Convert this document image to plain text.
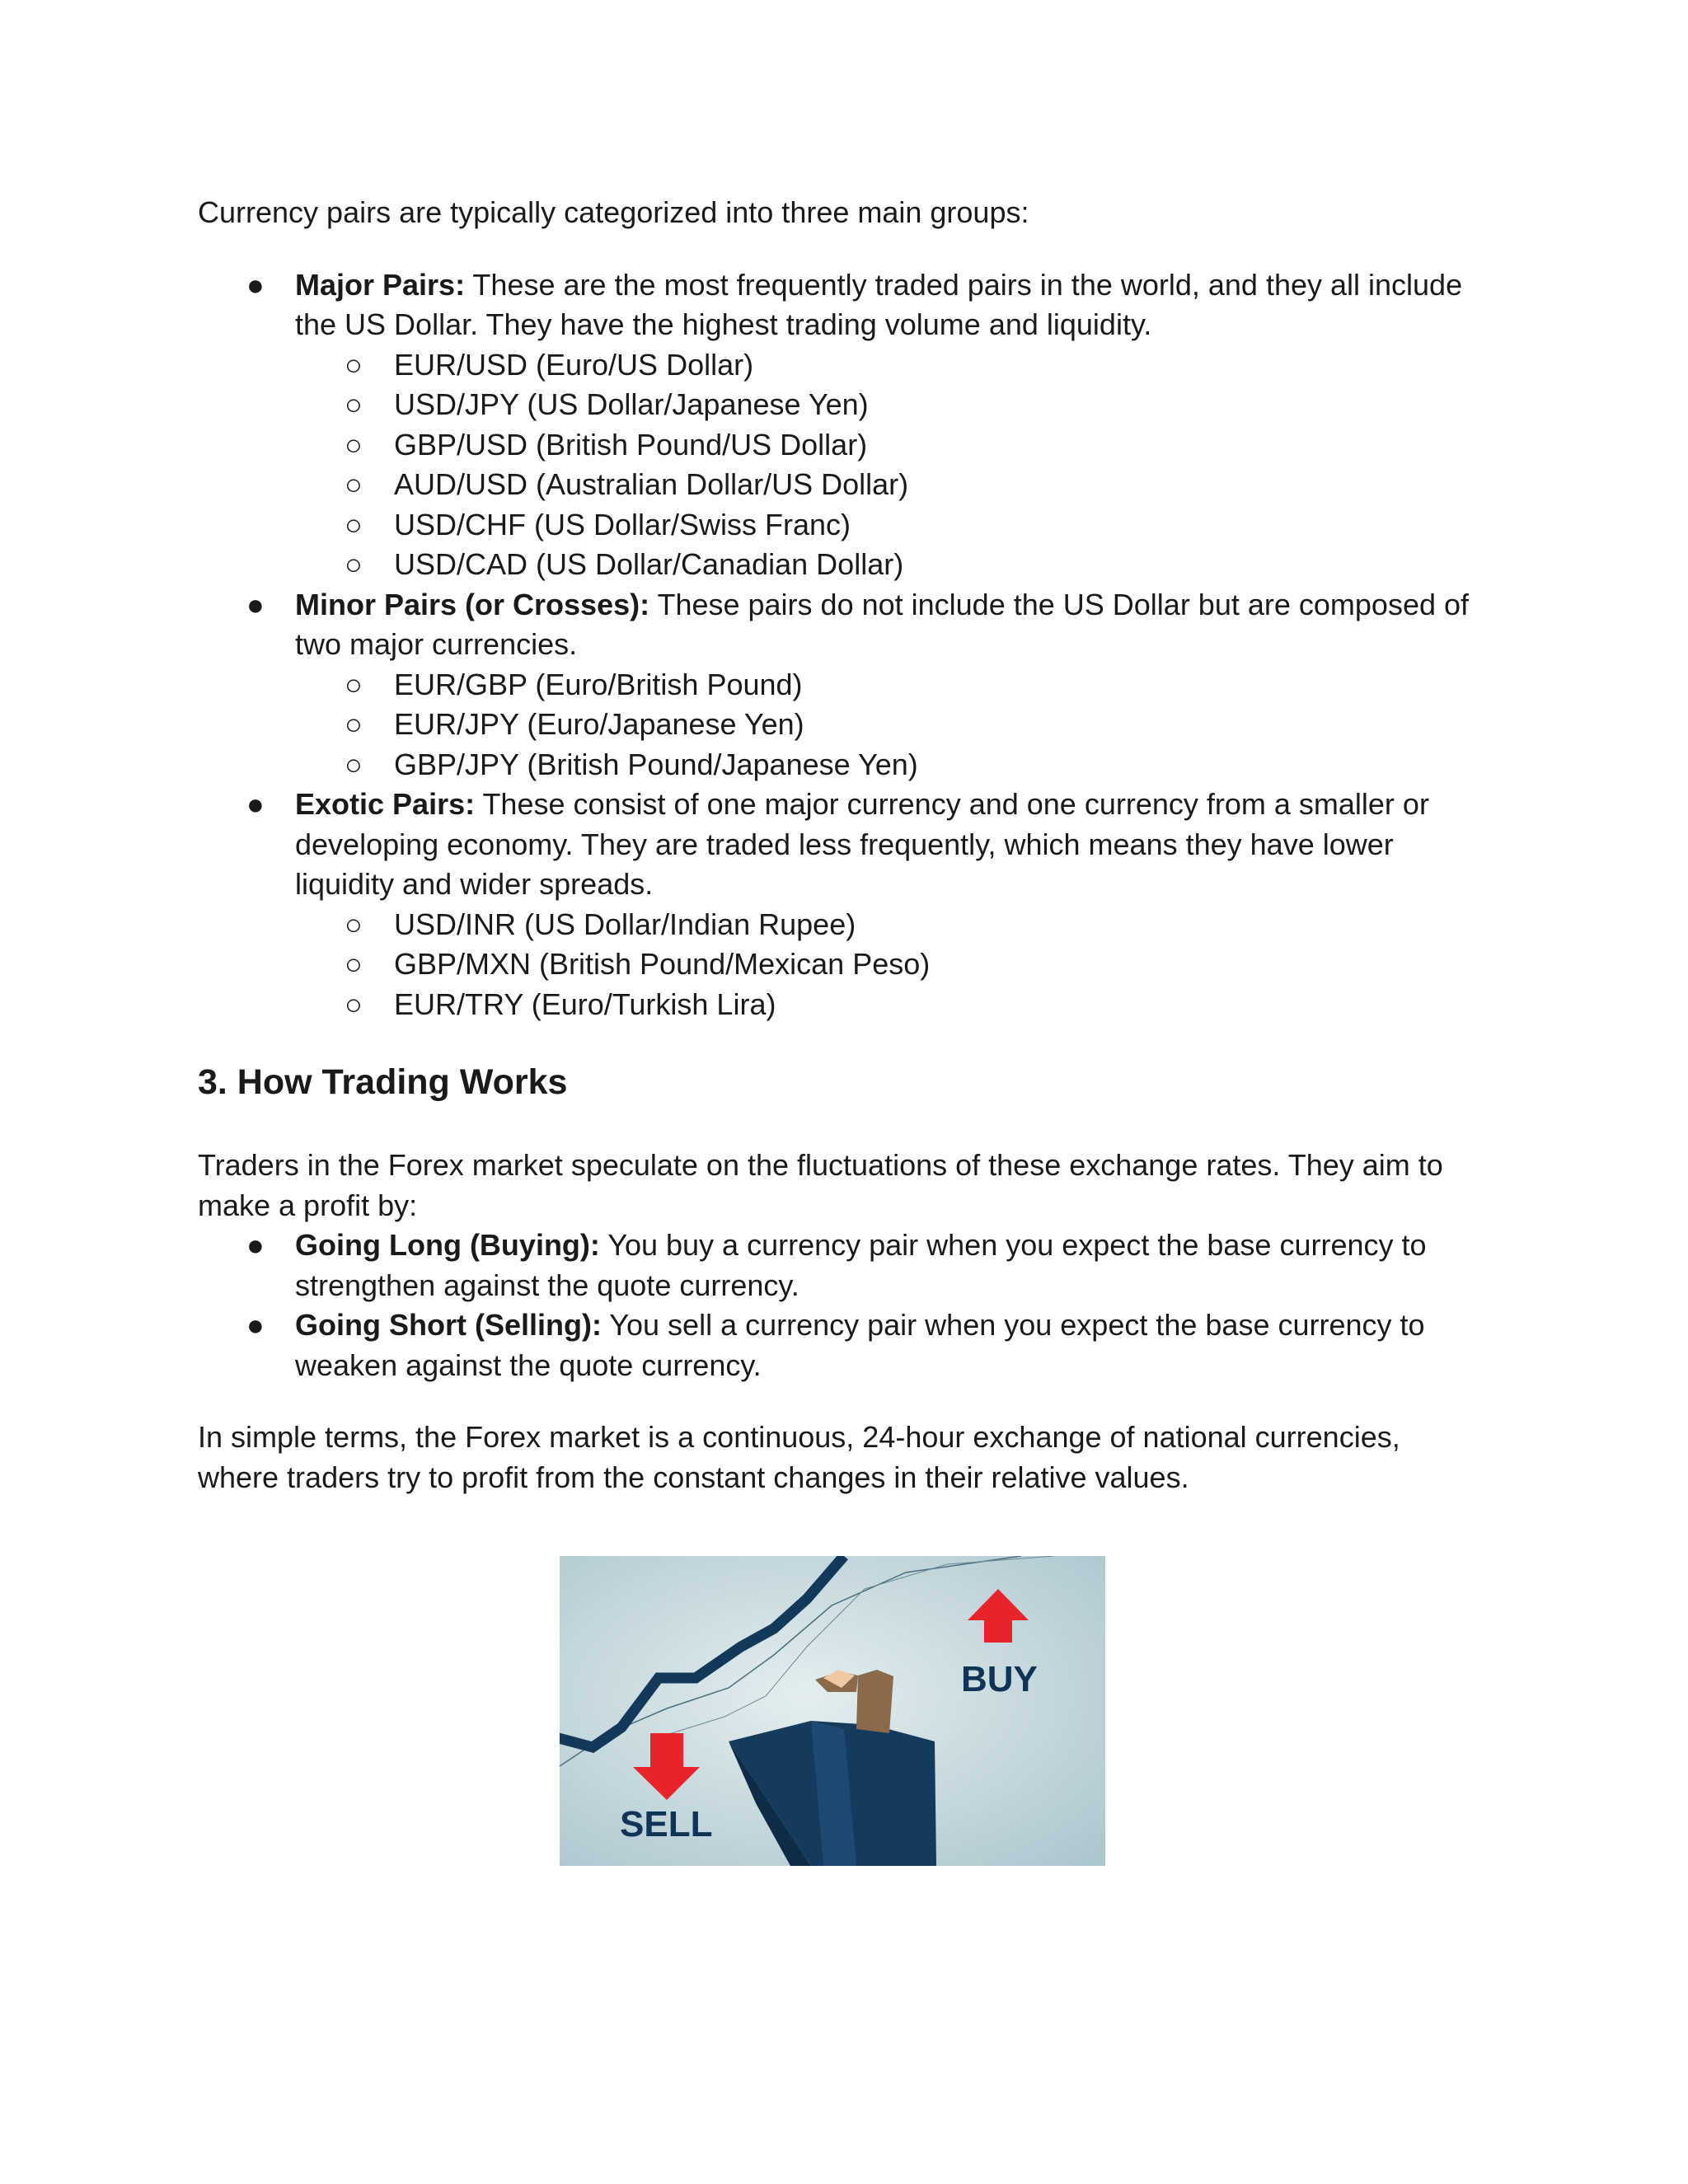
Currency pairs are typically categorized into three main groups:

● Major Pairs: These are the most frequently traded pairs in the world, and they all include the US Dollar. They have the highest trading volume and liquidity.
○ EUR/USD (Euro/US Dollar)
○ USD/JPY (US Dollar/Japanese Yen)
○ GBP/USD (British Pound/US Dollar)
○ AUD/USD (Australian Dollar/US Dollar)
○ USD/CHF (US Dollar/Swiss Franc)
○ USD/CAD (US Dollar/Canadian Dollar)
● Minor Pairs (or Crosses): These pairs do not include the US Dollar but are composed of two major currencies.
○ EUR/GBP (Euro/British Pound)
○ EUR/JPY (Euro/Japanese Yen)
○ GBP/JPY (British Pound/Japanese Yen)
● Exotic Pairs: These consist of one major currency and one currency from a smaller or developing economy. They are traded less frequently, which means they have lower liquidity and wider spreads.
○ USD/INR (US Dollar/Indian Rupee)
○ GBP/MXN (British Pound/Mexican Peso)
○ EUR/TRY (Euro/Turkish Lira)
3. How Trading Works

Traders in the Forex market speculate on the fluctuations of these exchange rates. They aim to make a profit by:

● Going Long (Buying): You buy a currency pair when you expect the base currency to strengthen against the quote currency.
● Going Short (Selling): You sell a currency pair when you expect the base currency to weaken against the quote currency.

In simple terms, the Forex market is a continuous, 24-hour exchange of national currencies, where traders try to profit from the constant changes in their relative values.

BUY
SELL
